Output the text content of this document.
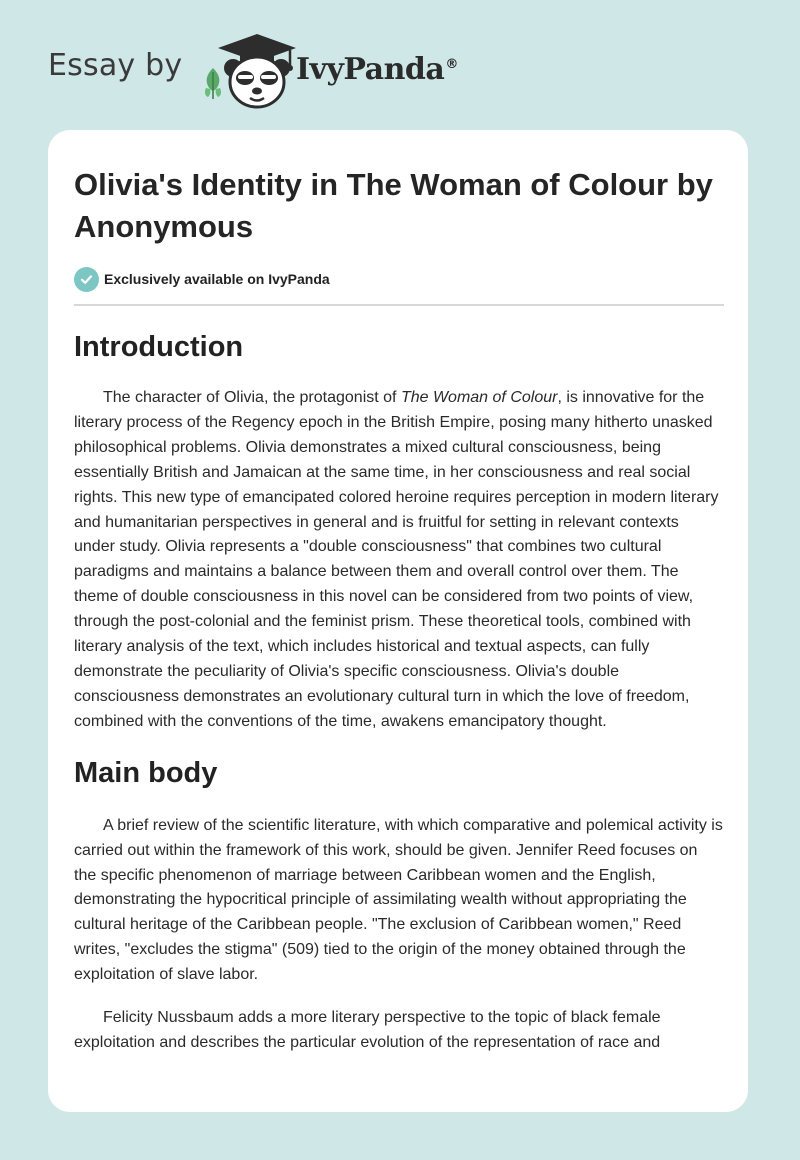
Essay by	IvyPanda®
Olivia's Identity in The Woman of Colour by Anonymous
Exclusively available on IvyPanda
Introduction

The character of Olivia, the protagonist of The Woman of Colour, is innovative for the literary process of the Regency epoch in the British Empire, posing many hitherto unasked philosophical problems. Olivia demonstrates a mixed cultural consciousness, being essentially British and Jamaican at the same time, in her consciousness and real social rights. This new type of emancipated colored heroine requires perception in modern literary and humanitarian perspectives in general and is fruitful for setting in relevant contexts under study. Olivia represents a "double consciousness" that combines two cultural paradigms and maintains a balance between them and overall control over them. The theme of double consciousness in this novel can be considered from two points of view, through the post-colonial and the feminist prism. These theoretical tools, combined with literary analysis of the text, which includes historical and textual aspects, can fully demonstrate the peculiarity of Olivia's specific consciousness. Olivia's double consciousness demonstrates an evolutionary cultural turn in which the love of freedom, combined with the conventions of the time, awakens emancipatory thought.

Main body

A brief review of the scientific literature, with which comparative and polemical activity is carried out within the framework of this work, should be given. Jennifer Reed focuses on the specific phenomenon of marriage between Caribbean women and the English, demonstrating the hypocritical principle of assimilating wealth without appropriating the cultural heritage of the Caribbean people. "The exclusion of Caribbean women," Reed writes, "excludes the stigma" (509) tied to the origin of the money obtained through the exploitation of slave labor.

Felicity Nussbaum adds a more literary perspective to the topic of black female exploitation and describes the particular evolution of the representation of race and
